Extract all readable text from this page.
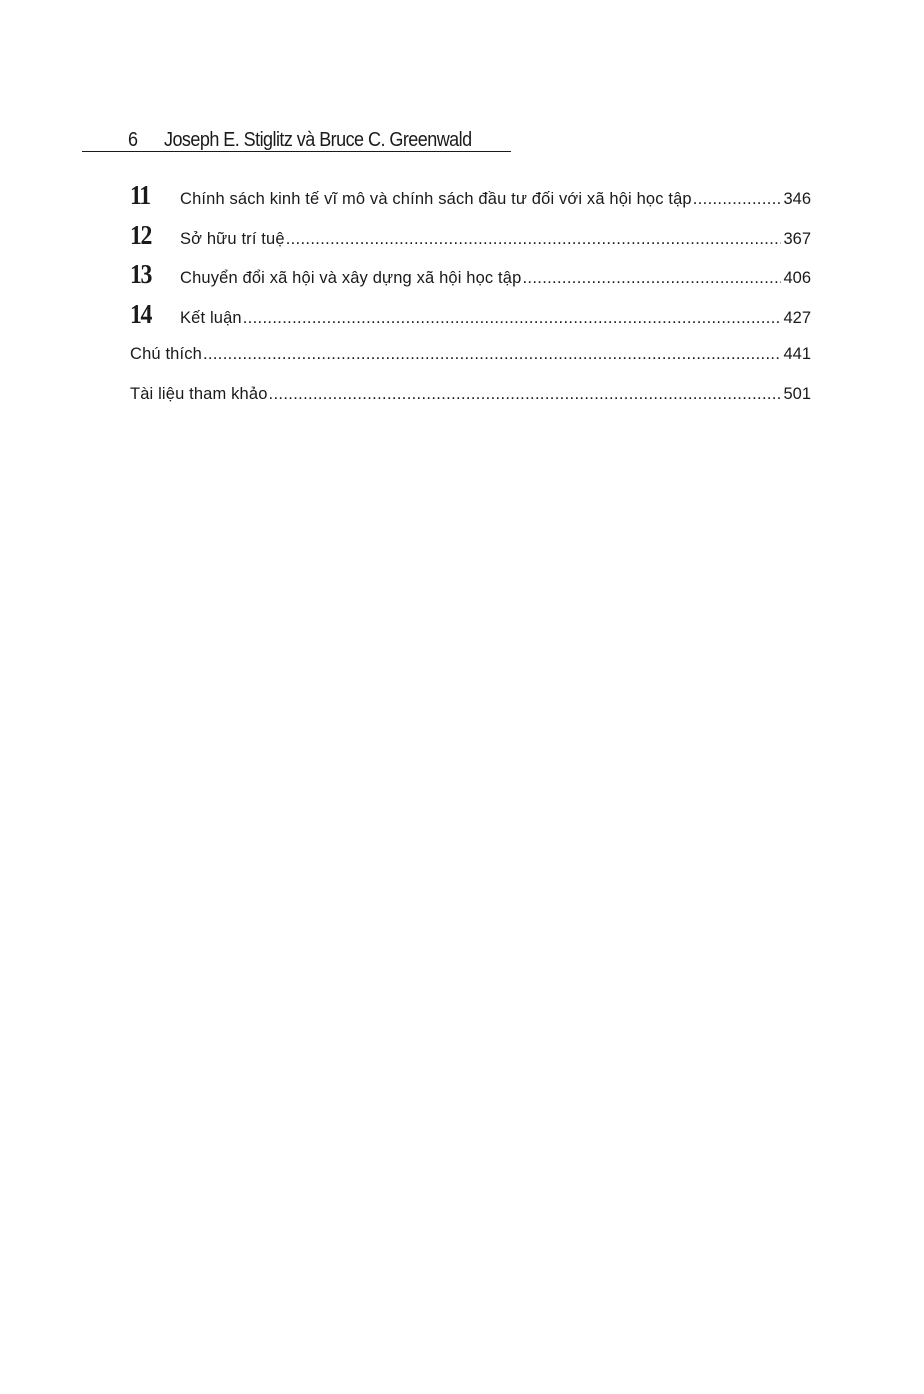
6	Joseph E. Stiglitz và Bruce C. Greenwald
11	Chính sách kinh tế vĩ mô và chính sách đầu tư đối với xã hội học tập .....	346
12	Sở hữu trí tuệ .....	367
13	Chuyển đổi xã hội và xây dựng xã hội học tập .....	406
14	Kết luận .....	427
Chú thích .....	441
Tài liệu tham khảo .....	501
